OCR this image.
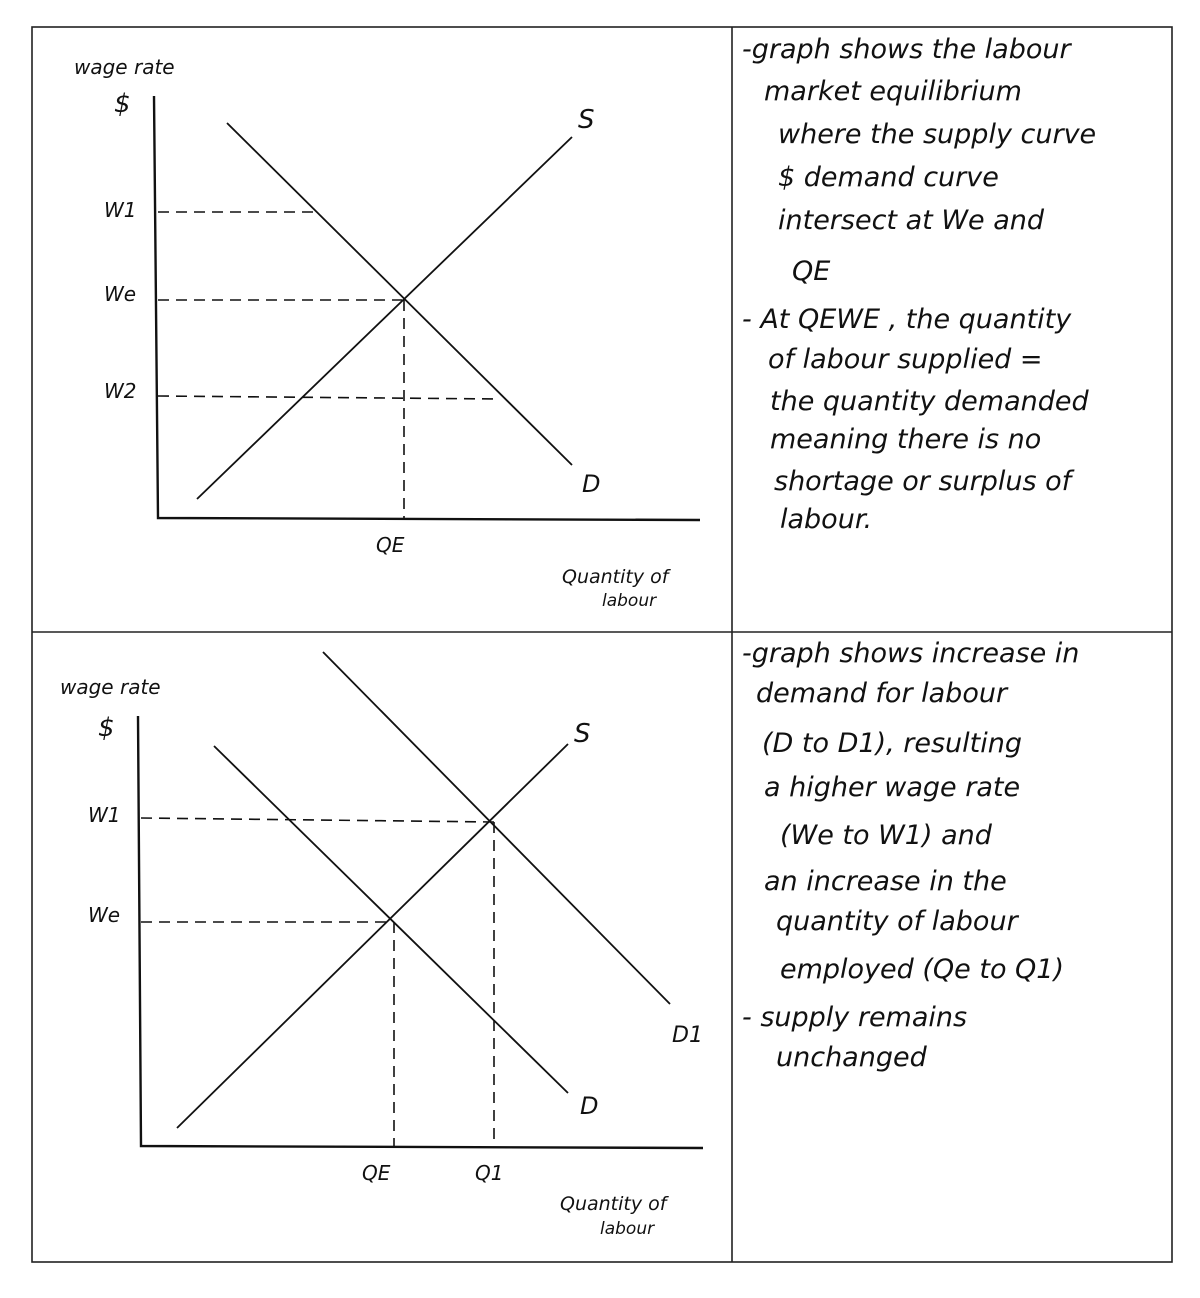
wage rate
$
W1
We
W2
QE
S
D
Quantity of
labour
-graph shows the labour
market equilibrium
where the supply curve
$ demand curve
intersect at We and
QE
- At QEWE , the quantity
of labour supplied =
the quantity demanded
meaning there is no
shortage or surplus of
labour.
wage rate
$
W1
We
QE	Q1
S
D1
D
Quantity of
labour
-graph shows increase in
demand for labour
(D to D1), resulting
a higher wage rate
(We to W1) and
an increase in the
quantity of labour
employed (Qe to Q1)
- supply remains
unchanged
